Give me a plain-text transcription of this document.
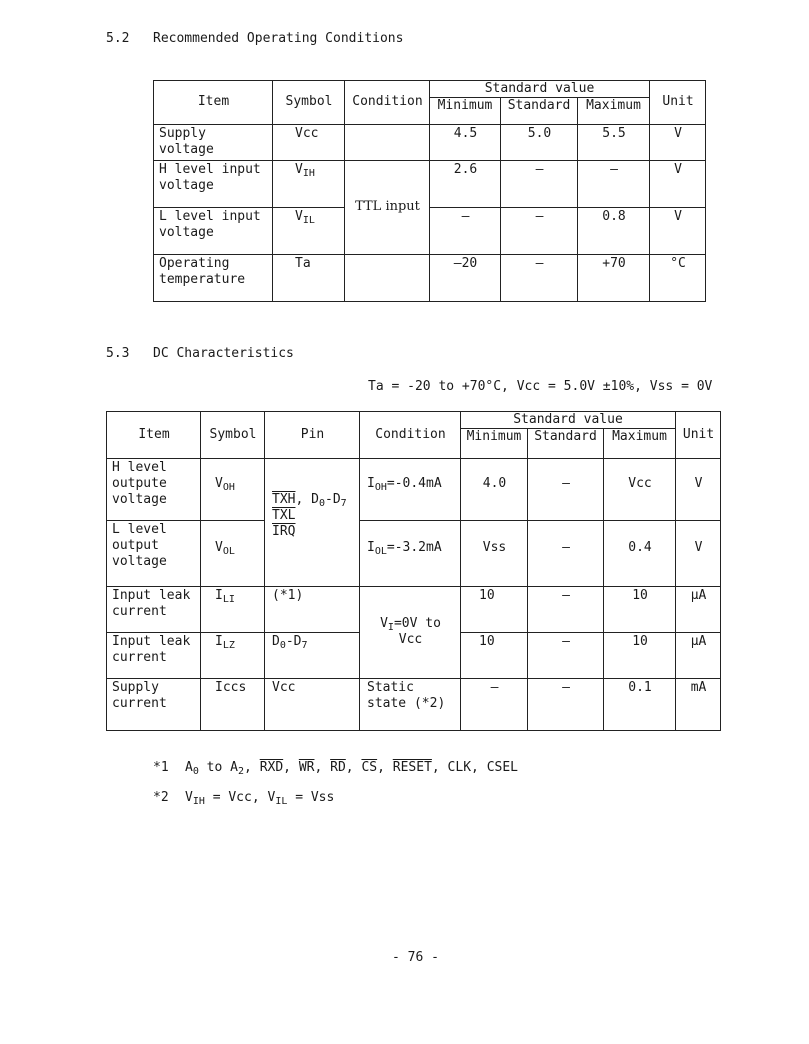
5.2 Recommended Operating Conditions
Item	Symbol	Condition	Standard value			Unit
			Minimum	Standard	Maximum	
Supply voltage	Vcc		4.5	5.0	5.5	V
H level input voltage	$V_{IH}$	TTL input	2.6	–	–	V
L level input voltage	$V_{IL}$		–	–	0.8	V
Operating temperature	Ta		–20	–	+70	°C
5.3 DC Characteristics
Ta = -20 to +70°C, Vcc = 5.0V ±10%, Vss = 0V
Item	Symbol	Pin	Condition	Standard value			Unit
				Minimum	Standard	Maximum	
H level outpute voltage	$V_{OH}$	$\overline{TXH}$, $D_0-D_7$
$\overline{TXL}$
$\overline{IRQ}$	$I_{OH}=-0.4mA$	4.0	–	Vcc	V
L level output voltage	$V_{OL}$		$I_{OL}=-3.2mA$	Vss	–	0.4	V
Input leak current	$I_{LI}$	(*1)	$V_I=0V$ to
Vcc	10	–	10	μA
Input leak current	$I_{LZ}$	$D_0-D_7$		10	–	10	μA
Supply current	Iccs	Vcc	Static state (*2)	–	–	0.1	mA
*1 $A_0$ to $A_2$, $\overline{RXD}$, $\overline{WR}$, $\overline{RD}$, $\overline{CS}$, RESET, CLK, CSEL
*2 $V_{IH}$ = Vcc, $V_{IL}$ = Vss
- 76 -
